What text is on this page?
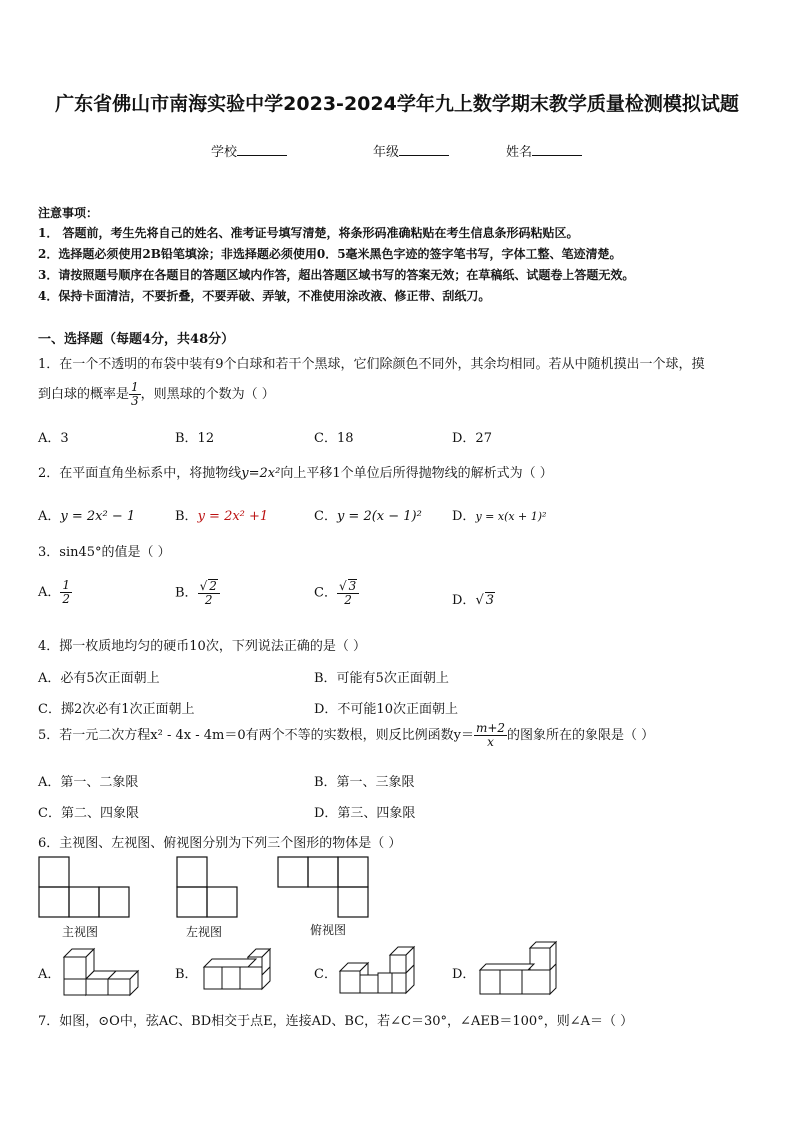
广东省佛山市南海实验中学2023-2024学年九上数学期末教学质量检测模拟试题
学校	年级	姓名
注意事项：
1． 答题前，考生先将自己的姓名、准考证号填写清楚，将条形码准确粘贴在考生信息条形码粘贴区。
2．选择题必须使用2B铅笔填涂；非选择题必须使用0．5毫米黑色字迹的签字笔书写，字体工整、笔迹清楚。
3．请按照题号顺序在各题目的答题区域内作答，超出答题区域书写的答案无效；在草稿纸、试题卷上答题无效。
4．保持卡面清洁，不要折叠，不要弄破、弄皱，不准使用涂改液、修正带、刮纸刀。
一、选择题（每题4分，共48分）
1．在一个不透明的布袋中装有9个白球和若干个黑球，它们除颜色不同外，其余均相同。若从中随机摸出一个球，摸
到白球的概率是 $\frac{1}{3}$ ，则黑球的个数为（ ）
A．3	B．12	C．18	D．27
2．在平面直角坐标系中，将抛物线y=2x²向上平移1个单位后所得抛物线的解析式为（ ）
A．y = 2x² − 1	B．y = 2x² +1	C．y = 2(x − 1)² D．y = x(x + 1)²
3．sin45°的值是（ ）
A． $\frac{1}{2}$	B． $\frac{√ 2}{2}$	C． $\frac{√ 3}{2}$	D．√ 3
4．掷一枚质地均匀的硬币10次，下列说法正确的是（ ）
A．必有5次正面朝上	B．可能有5次正面朝上
C．掷2次必有1次正面朝上	D．不可能10次正面朝上
5．若一元二次方程x² - 4x - 4m＝0有两个不等的实数根，则反比例函数$y= \frac{m+2}{x}$ 的图象所在的象限是（ ）
A．第一、二象限	B．第一、三象限
C．第二、四象限	D．第三、四象限
6．主视图、左视图、俯视图分别为下列三个图形的物体是（ ）
主视图	左视图	俯视图
A．	B．	C．	D．
7．如图，⊙O中，弦AC、BD相交于点E，连接AD、BC，若∠C＝30°，∠AEB＝100°，则∠A＝（ ）
